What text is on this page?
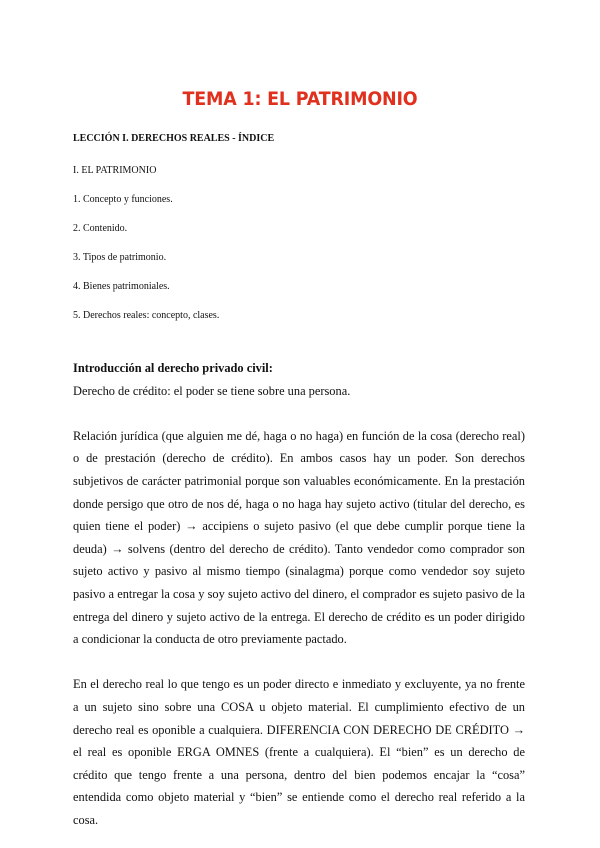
TEMA 1: EL PATRIMONIO
LECCIÓN I. DERECHOS REALES - ÍNDICE
I. EL PATRIMONIO
1. Concepto y funciones.
2. Contenido.
3. Tipos de patrimonio.
4. Bienes patrimoniales.
5. Derechos reales: concepto, clases.
Introducción al derecho privado civil:
Derecho de crédito: el poder se tiene sobre una persona.

Relación jurídica (que alguien me dé, haga o no haga) en función de la cosa (derecho real) o de prestación (derecho de crédito). En ambos casos hay un poder. Son derechos subjetivos de carácter patrimonial porque son valuables económicamente. En la prestación donde persigo que otro de nos dé, haga o no haga hay sujeto activo (titular del derecho, es quien tiene el poder) → accipiens o sujeto pasivo (el que debe cumplir porque tiene la deuda) → solvens (dentro del derecho de crédito). Tanto vendedor como comprador son sujeto activo y pasivo al mismo tiempo (sinalagma) porque como vendedor soy sujeto pasivo a entregar la cosa y soy sujeto activo del dinero, el comprador es sujeto pasivo de la entrega del dinero y sujeto activo de la entrega. El derecho de crédito es un poder dirigido a condicionar la conducta de otro previamente pactado.

En el derecho real lo que tengo es un poder directo e inmediato y excluyente, ya no frente a un sujeto sino sobre una COSA u objeto material. El cumplimiento efectivo de un derecho real es oponible a cualquiera. DIFERENCIA CON DERECHO DE CRÉDITO → el real es oponible ERGA OMNES (frente a cualquiera). El “bien” es un derecho de crédito que tengo frente a una persona, dentro del bien podemos encajar la “cosa” entendida como objeto material y “bien” se entiende como el derecho real referido a la cosa.
